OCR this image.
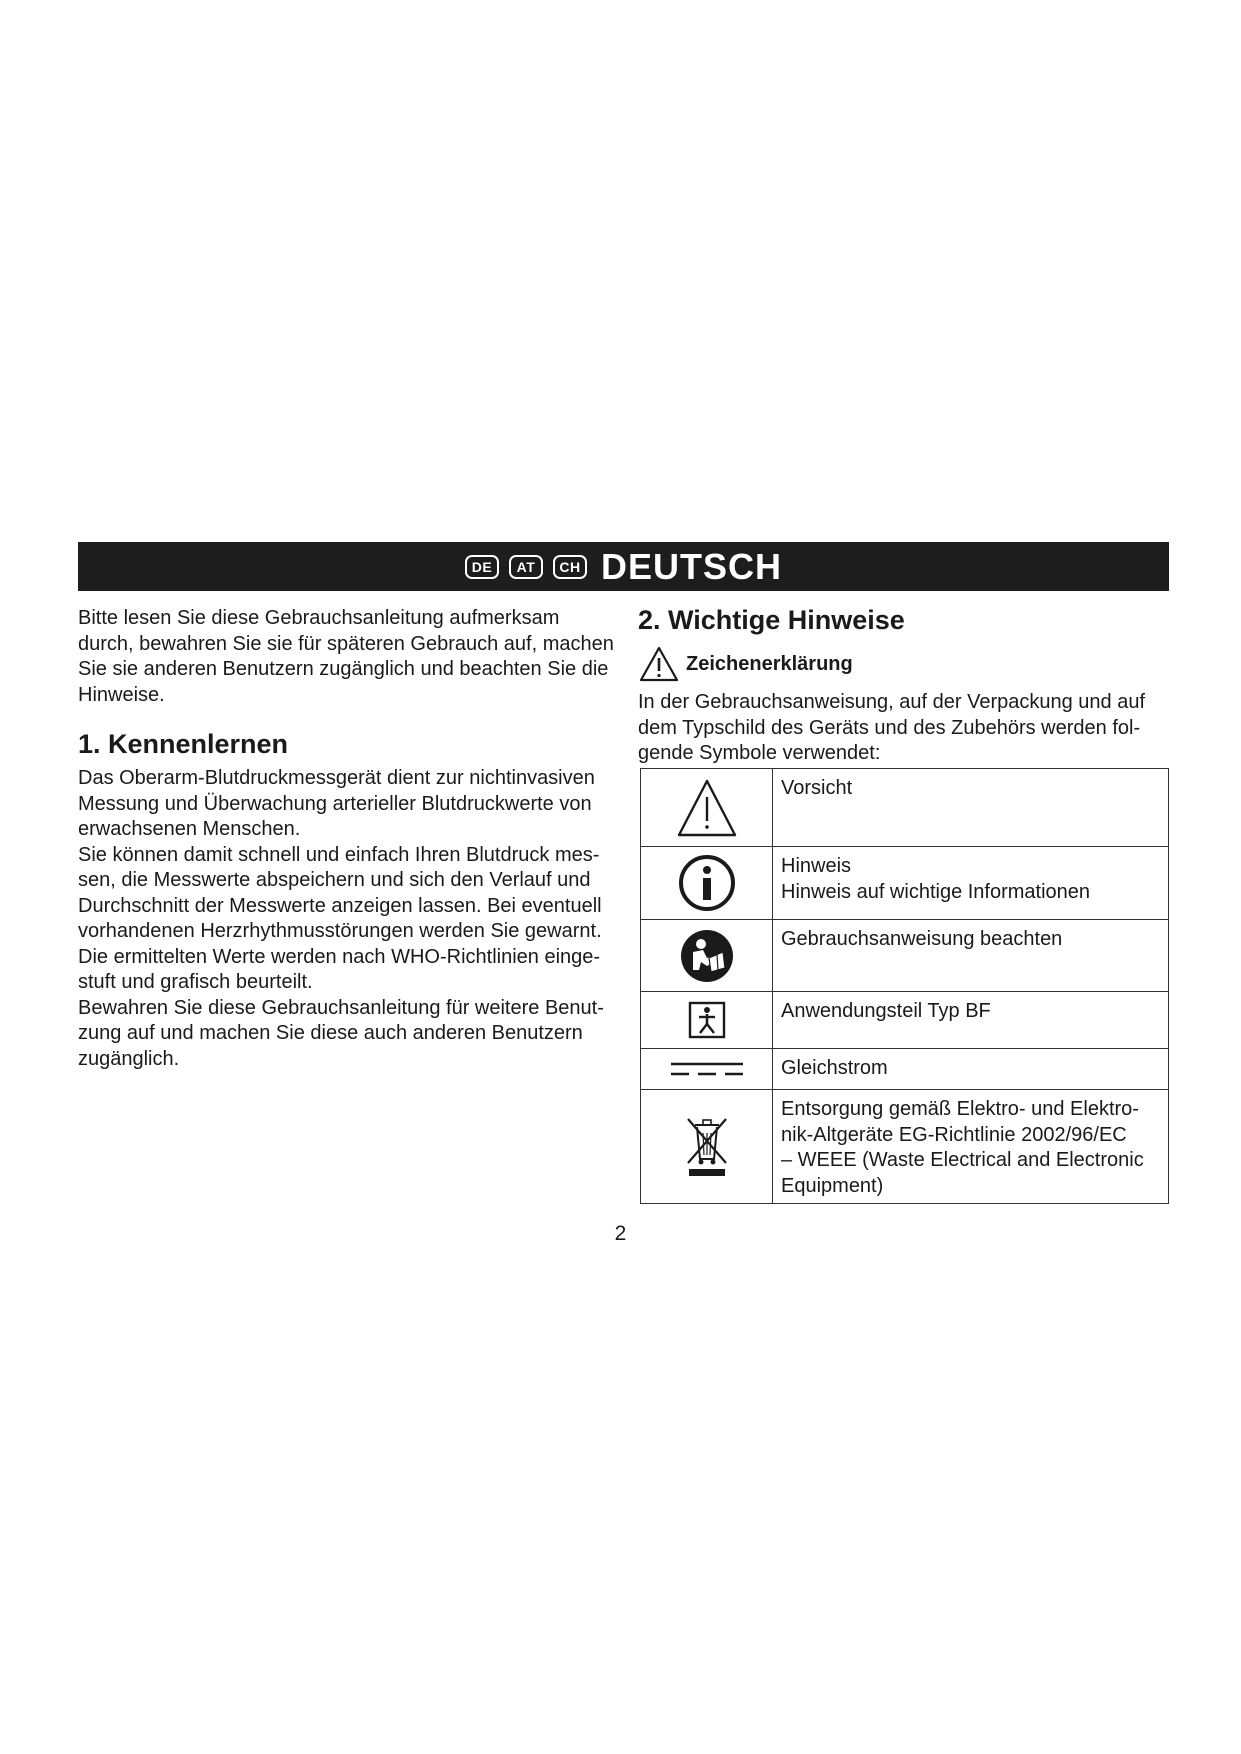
DE	AT	CH DEUTSCH

Bitte lesen Sie diese Gebrauchsanleitung aufmerksam
durch, bewahren Sie sie für späteren Gebrauch auf, machen
Sie sie anderen Benutzern zugänglich und beachten Sie die
Hinweise.

1. Kennenlernen

Das Oberarm-Blutdruckmessgerät dient zur nichtinvasiven
Messung und Überwachung arterieller Blutdruckwerte von
erwachsenen Menschen.
Sie können damit schnell und einfach Ihren Blutdruck mes-
sen, die Messwerte abspeichern und sich den Verlauf und
Durchschnitt der Messwerte anzeigen lassen. Bei eventuell
vorhandenen Herzrhythmusstörungen werden Sie gewarnt.
Die ermittelten Werte werden nach WHO-Richtlinien einge-
stuft und grafisch beurteilt.
Bewahren Sie diese Gebrauchsanleitung für weitere Benut-
zung auf und machen Sie diese auch anderen Benutzern
zugänglich.

2. Wichtige Hinweise
Zeichenerklärung

In der Gebrauchsanweisung, auf der Verpackung und auf
dem Typschild des Geräts und des Zubehörs werden fol-
gende Symbole verwendet:

Vorsicht

Hinweis
Hinweis auf wichtige Informationen

Gebrauchsanweisung beachten

Anwendungsteil Typ BF

Gleichstrom

Entsorgung gemäß Elektro- und Elektro-
nik-Altgeräte EG-Richtlinie 2002/96/EC
– WEEE (Waste Electrical and Electronic
Equipment)
2
